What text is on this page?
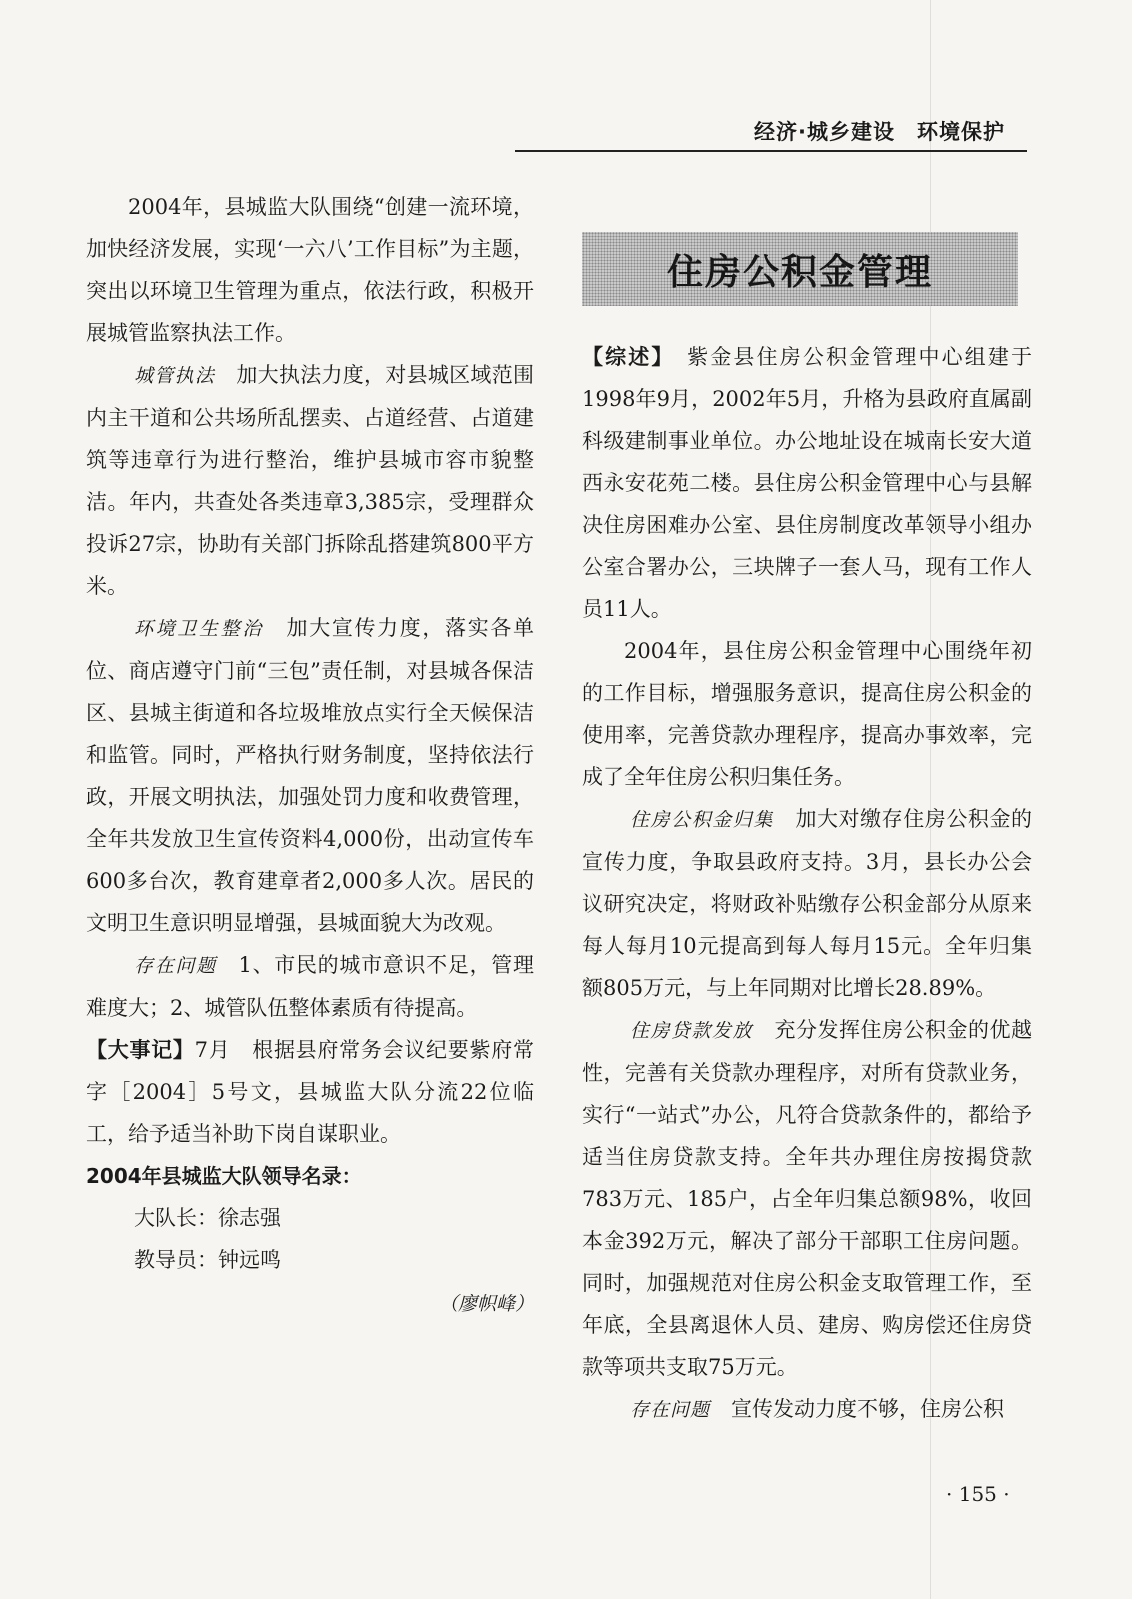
经济·城乡建设　环境保护

2004年，县城监大队围绕“创建一流环境，加快经济发展，实现‘一六八’工作目标”为主题，突出以环境卫生管理为重点，依法行政，积极开展城管监察执法工作。

城管执法　 加大执法力度，对县城区域范围内主干道和公共场所乱摆卖、占道经营、占道建筑等违章行为进行整治，维护县城市容市貌整洁。年内，共查处各类违章3,385宗，受理群众投诉27宗，协助有关部门拆除乱搭建筑800平方米。

环境卫生整治　 加大宣传力度，落实各单位、商店遵守门前“三包”责任制，对县城各保洁区、县城主街道和各垃圾堆放点实行全天候保洁和监管。同时，严格执行财务制度，坚持依法行政，开展文明执法，加强处罚力度和收费管理，全年共发放卫生宣传资料4,000份，出动宣传车600多台次，教育建章者2,000多人次。居民的文明卫生意识明显增强，县城面貌大为改观。

存在问题　 1、市民的城市意识不足，管理难度大；2、城管队伍整体素质有待提高。

【大事记】7月　根据县府常务会议纪要紫府常字［2004］5号文，县城监大队分流22位临工，给予适当补助下岗自谋职业。

2004年县城监大队领导名录：

大队长：徐志强

教导员：钟远鸣

（廖帜峰）

住房公积金管理

【综述】　 紫金县住房公积金管理中心组建于1998年9月，2002年5月，升格为县政府直属副科级建制事业单位。办公地址设在城南长安大道西永安花苑二楼。县住房公积金管理中心与县解决住房困难办公室、县住房制度改革领导小组办公室合署办公，三块牌子一套人马，现有工作人员11人。

2004年，县住房公积金管理中心围绕年初的工作目标，增强服务意识，提高住房公积金的使用率，完善贷款办理程序，提高办事效率，完成了全年住房公积归集任务。

住房公积金归集　 加大对缴存住房公积金的宣传力度，争取县政府支持。3月，县长办公会议研究决定，将财政补贴缴存公积金部分从原来每人每月10元提高到每人每月15元。全年归集额805万元，与上年同期对比增长28.89%。

住房贷款发放　 充分发挥住房公积金的优越性，完善有关贷款办理程序，对所有贷款业务，实行“一站式”办公，凡符合贷款条件的，都给予适当住房贷款支持。全年共办理住房按揭贷款783万元、185户，占全年归集总额98%，收回本金392万元，解决了部分干部职工住房问题。同时，加强规范对住房公积金支取管理工作，至年底，全县离退休人员、建房、购房偿还住房贷款等项共支取75万元。

存在问题　 宣传发动力度不够，住房公积

· 155 ·
